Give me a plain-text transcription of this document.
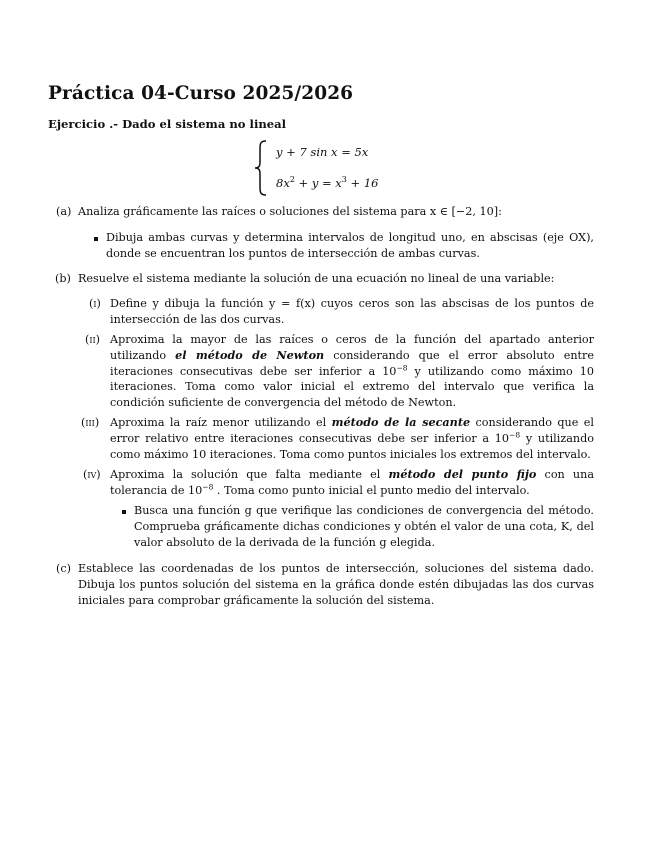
Práctica 04-Curso 2025/2026
Ejercicio .- Dado el sistema no lineal
y + 7 sin x = 5x
$8x^2 + y = x^3 + 16$
(a) Analiza gráficamente las raíces o soluciones del sistema para x ∈ [−2, 10]:
Dibuja ambas curvas y determina intervalos de longitud uno, en abscisas (eje OX), donde se encuentran los puntos de intersección de ambas curvas.
(b) Resuelve el sistema mediante la solución de una ecuación no lineal de una variable:
(i) Define y dibuja la función y = f(x) cuyos ceros son las abscisas de los puntos de intersección de las dos curvas.
(ii) Aproxima la mayor de las raíces o ceros de la función del apartado anterior utilizando el método de Newton considerando que el error absoluto entre iteraciones consecutivas debe ser inferior a $10^{-8}$ y utilizando como máximo 10 iteraciones. Toma como valor inicial el extremo del intervalo que verifica la condición suficiente de convergencia del método de Newton.
(iii) Aproxima la raíz menor utilizando el método de la secante considerando que el error relativo entre iteraciones consecutivas debe ser inferior a $10^{-8}$ y utilizando como máximo 10 iteraciones. Toma como puntos iniciales los extremos del intervalo.
(iv) Aproxima la solución que falta mediante el método del punto fijo con una tolerancia de $10^{-8}$ . Toma como punto inicial el punto medio del intervalo.
Busca una función g que verifique las condiciones de convergencia del método. Comprueba gráficamente dichas condiciones y obtén el valor de una cota, K, del valor absoluto de la derivada de la función g elegida.
(c) Establece las coordenadas de los puntos de intersección, soluciones del sistema dado. Dibuja los puntos solución del sistema en la gráfica donde estén dibujadas las dos curvas iniciales para comprobar gráficamente la solución del sistema.
